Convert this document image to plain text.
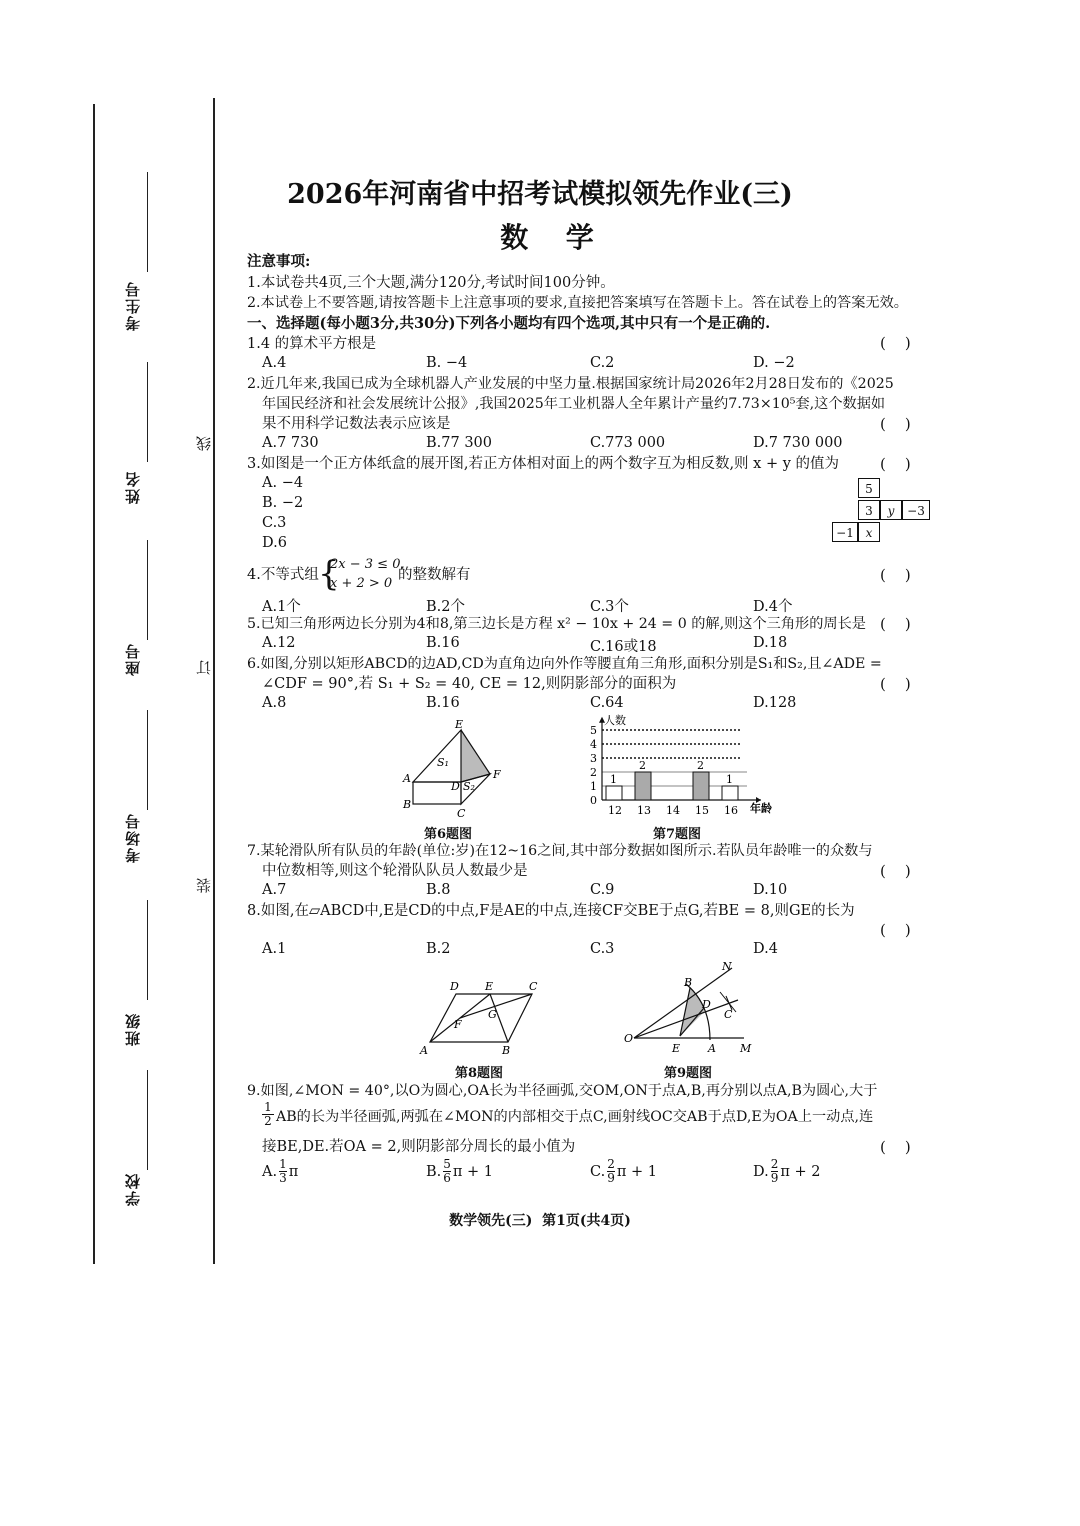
考生号
姓名
座号
考场号
班级
学校
线
订
装
2026年河南省中招考试模拟领先作业(三)
数  学
注意事项:
1.本试卷共4页,三个大题,满分120分,考试时间100分钟。
2.本试卷上不要答题,请按答题卡上注意事项的要求,直接把答案填写在答题卡上。答在试卷上的答案无效。
一、选择题(每小题3分,共30分)下列各小题均有四个选项,其中只有一个是正确的.
1.4 的算术平方根是	(    )
A.4	B. −4	C.2	D. −2
2.近几年来,我国已成为全球机器人产业发展的中坚力量.根据国家统计局2026年2月28日发布的《2025
年国民经济和社会发展统计公报》,我国2025年工业机器人全年累计产量约7.73×10⁵套,这个数据如
果不用科学记数法表示应该是	(    )
A.7 730	B.77 300	C.773 000	D.7 730 000
3.如图是一个正方体纸盒的展开图,若正方体相对面上的两个数字互为相反数,则 x + y 的值为	(    )
A. −4
B. −2
C.3
D.6
5
3	y	−3
−1 x
4.不等式组 {
2x − 3 ≤ 0,
x + 2 > 0
的整数解有	(    )
A.1个	B.2个	C.3个	D.4个
5.已知三角形两边长分别为4和8,第三边长是方程 x² − 10x + 24 = 0 的解,则这个三角形的周长是 (    )
A.12	B.16	C.16或18	D.18
6.如图,分别以矩形ABCD的边AD,CD为直角边向外作等腰直角三角形,面积分别是S₁和S₂,且∠ADE =
∠CDF = 90°,若 S₁ + S₂ = 40, CE = 12,则阴影部分的面积为	(    )
A.8	B.16	C.64	D.128
E
A
B
C
D
F
S₁
S₂
第6题图
0
1
2
3
4
5
1
12
2
13 14
2
15
1
16
人数
年龄
第7题图
7.某轮滑队所有队员的年龄(单位:岁)在12~16之间,其中部分数据如图所示.若队员年龄唯一的众数与
中位数相等,则这个轮滑队队员人数最少是	(    )
A.7	B.8	C.9	D.10
8.如图,在▱ABCD中,E是CD的中点,F是AE的中点,连接CF交BE于点G,若BE = 8,则GE的长为
(    )
A.1	B.2	C.3	D.4
D E	C
F
G
A	B
第8题图
N
B
D
C
O
E	A M
第9题图
9.如图,∠MON = 40°,以O为圆心,OA长为半径画弧,交OM,ON于点A,B,再分别以点A,B为圆心,大于
$\frac{1}{2}$ AB的长为半径画弧,两弧在∠MON的内部相交于点C,画射线OC交AB于点D,E为OA上一动点,连
接BE,DE.若OA = 2,则阴影部分周长的最小值为	(    )
A. $\frac{1}{3}$ π	B. $\frac{5}{6}$ π + 1	C. $\frac{2}{9}$ π + 1	D. $\frac{2}{9}$ π + 2
数学领先(三)  第1页(共4页)
